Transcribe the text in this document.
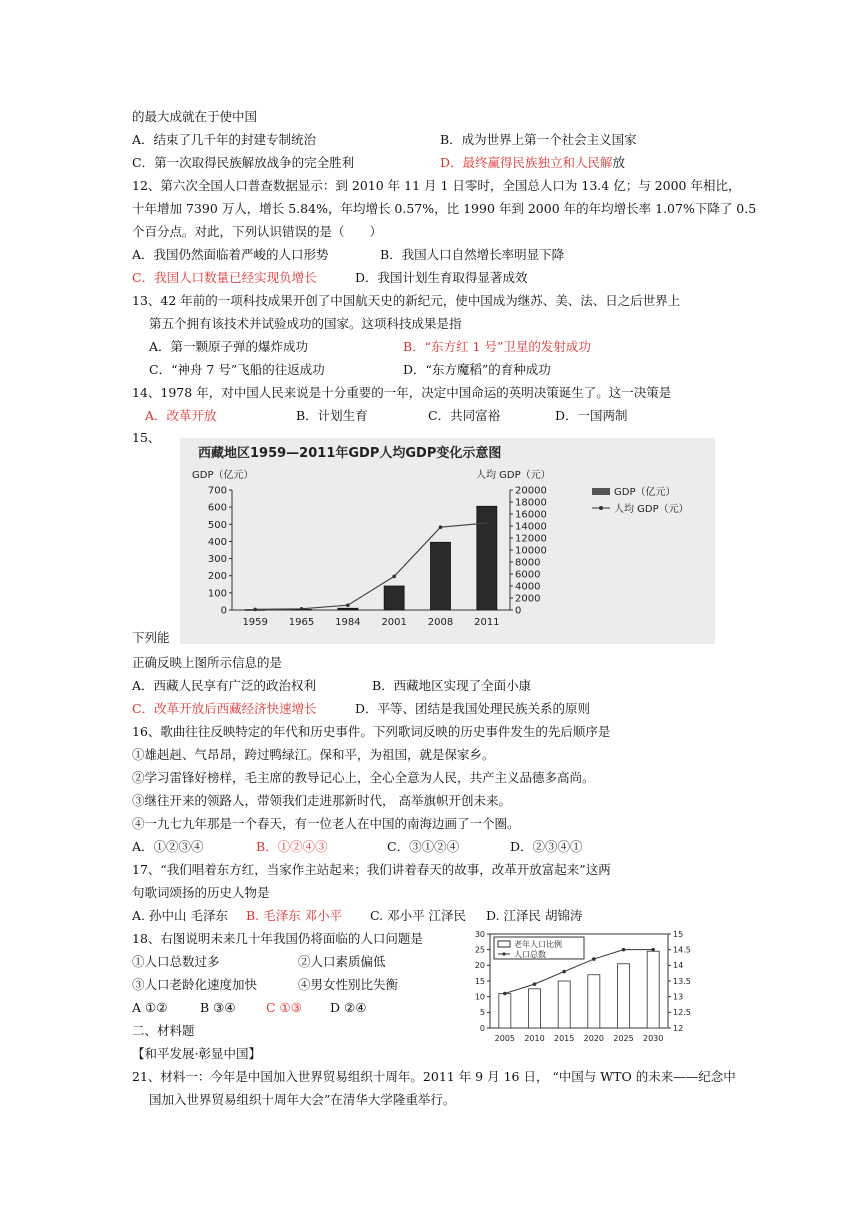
的最大成就在于使中国
A．结束了几千年的封建专制统治	B．成为世界上第一个社会主义国家
C．第一次取得民族解放战争的完全胜利	D．最终赢得民族独立和人民解放
12、第六次全国人口普查数据显示：到 2010 年 11 月 1 日零时，全国总人口为 13.4 亿；与 2000 年相比，
十年增加 7390 万人，增长 5.84%，年均增长 0.57%，比 1990 年到 2000 年的年均增长率 1.07%下降了 0.5
个百分点。对此，下列认识错误的是（　　）
A．我国仍然面临着严峻的人口形势	B．我国人口自然增长率明显下降
C．我国人口数量已经实现负增长	D．我国计划生育取得显著成效
13、42 年前的一项科技成果开创了中国航天史的新纪元，使中国成为继苏、美、法、日之后世界上
第五个拥有该技术并试验成功的国家。这项科技成果是指
A．第一颗原子弹的爆炸成功	B．“东方红 1 号”卫星的发射成功
C．“神舟 7 号”飞船的往返成功	D．“东方魔稻”的育种成功
14、1978 年，对中国人民来说是十分重要的一年，决定中国命运的英明决策诞生了。这一决策是
A．改革开放	B．计划生育	C．共同富裕	D．一国两制
15、
西藏地区1959—2011年GDP人均GDP变化示意图
GDP（亿元）	人均 GDP（元）
0
100
200
300
400
500
600
700
0
2000
4000
6000
8000
10000
12000
14000
16000
18000
20000
1959 1965 1984 2001 2008 2011
GDP（亿元）
人均 GDP（元）
下列能
正确反映上图所示信息的是
A．西藏人民享有广泛的政治权利	B．西藏地区实现了全面小康
C．改革开放后西藏经济快速增长	D．平等、团结是我国处理民族关系的原则
16、歌曲往往反映特定的年代和历史事件。下列歌词反映的历史事件发生的先后顺序是
①雄赳赳、气昂昂，跨过鸭绿江。保和平，为祖国，就是保家乡。
②学习雷锋好榜样，毛主席的教导记心上，全心全意为人民，共产主义品德多高尚。
③继往开来的领路人，带领我们走进那新时代， 高举旗帜开创未来。
④一九七九年那是一个春天，有一位老人在中国的南海边画了一个圈。
A．①②③④	B．①②④③	C．③①②④	D．②③④①
17、“我们唱着东方红，当家作主站起来；我们讲着春天的故事，改革开放富起来”这两
句歌词颂扬的历史人物是
A. 孙中山 毛泽东 B. 毛泽东 邓小平 C. 邓小平 江泽民 D. 江泽民 胡锦涛
18、右图说明未来几十年我国仍将面临的人口问题是
①人口总数过多	②人口素质偏低
③人口老龄化速度加快	④男女性别比失衡
A ①②	B ③④ C ①③ D ②④
0
5
10
15
20
25
30
12
12.5
13
13.5
14
14.5
15
2005 2010 2015 2020 2025 2030
老年人口比例
人口总数
二、材料题
【和平发展·彰显中国】
21、材料一：今年是中国加入世界贸易组织十周年。2011 年 9 月 16 日， “中国与 WTO 的未来——纪念中
国加入世界贸易组织十周年大会”在清华大学隆重举行。
